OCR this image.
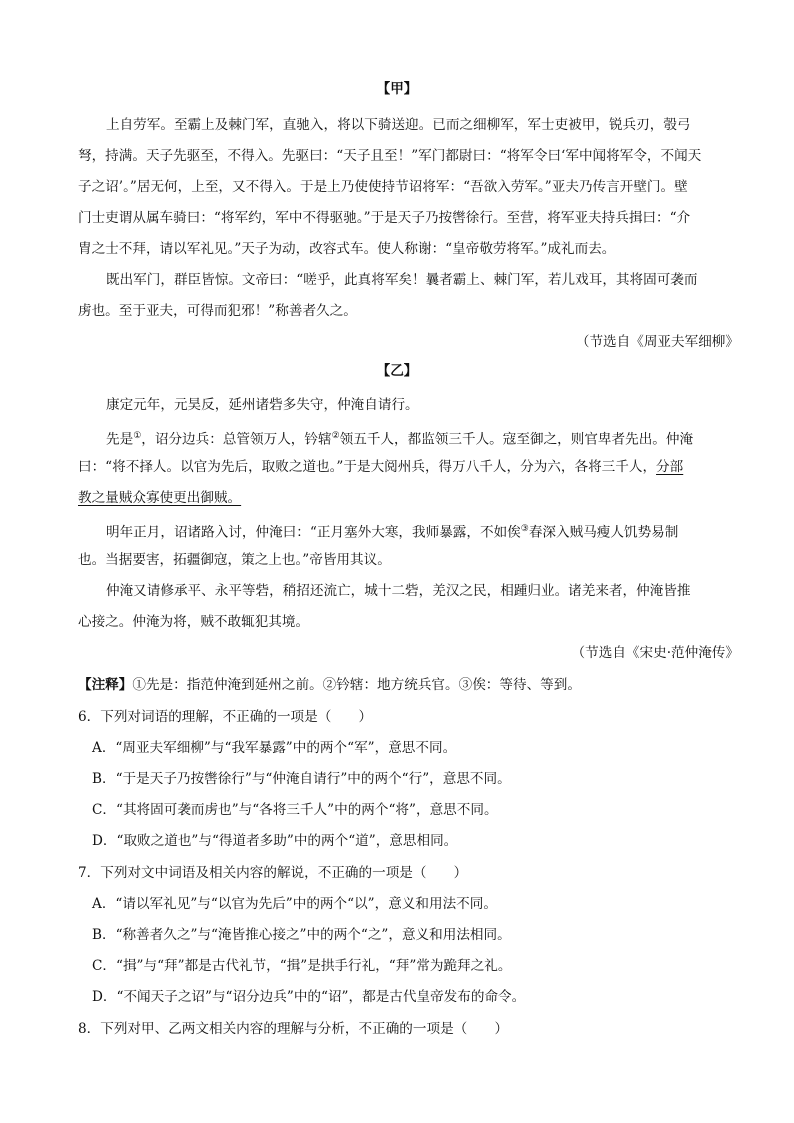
【甲】
上自劳军。至霸上及棘门军，直驰入，将以下骑送迎。已而之细柳军，军士吏被甲，锐兵刃，彀弓
弩，持满。天子先驱至，不得入。先驱曰：“天子且至！”军门都尉曰：“将军令曰‘军中闻将军令，不闻天
子之诏’。”居无何，上至，又不得入。于是上乃使使持节诏将军：“吾欲入劳军。”亚夫乃传言开壁门。壁
门士吏谓从属车骑曰：“将军约，军中不得驱驰。”于是天子乃按辔徐行。至营，将军亚夫持兵揖曰：“介
胄之士不拜，请以军礼见。”天子为动，改容式车。使人称谢：“皇帝敬劳将军。”成礼而去。
既出军门，群臣皆惊。文帝曰：“嗟乎，此真将军矣！曩者霸上、棘门军，若儿戏耳，其将固可袭而
虏也。至于亚夫，可得而犯邪！”称善者久之。
（节选自《周亚夫军细柳》
【乙】
康定元年，元昊反，延州诸砦多失守，仲淹自请行。
先是①，诏分边兵：总管领万人，钤辖②领五千人，都监领三千人。寇至御之，则官卑者先出。仲淹
曰：“将不择人。以官为先后，取败之道也。”于是大阅州兵，得万八千人，分为六，各将三千人，分部
教之量贼众寡使更出御贼。
明年正月，诏诸路入讨，仲淹曰：“正月塞外大寒，我师暴露，不如俟③春深入贼马瘦人饥势易制
也。当据要害，拓疆御寇，策之上也。”帝皆用其议。
仲淹又请修承平、永平等砦，稍招还流亡，城十二砦，羌汉之民，相踵归业。诸羌来者，仲淹皆推
心接之。仲淹为将，贼不敢辄犯其境。
（节选自《宋史·范仲淹传》
【注释】①先是：指范仲淹到延州之前。②钤辖：地方统兵官。③俟：等待、等到。
6．下列对词语的理解，不正确的一项是（　　）
A．“周亚夫军细柳”与“我军暴露”中的两个“军”，意思不同。
B．“于是天子乃按辔徐行”与“仲淹自请行”中的两个“行”，意思不同。
C．“其将固可袭而虏也”与“各将三千人”中的两个“将”，意思不同。
D．“取败之道也”与“得道者多助”中的两个“道”，意思相同。
7．下列对文中词语及相关内容的解说，不正确的一项是（　　）
A．“请以军礼见”与“以官为先后”中的两个“以”，意义和用法不同。
B．“称善者久之”与“淹皆推心接之”中的两个“之”，意义和用法相同。
C．“揖”与“拜”都是古代礼节，“揖”是拱手行礼，“拜”常为跪拜之礼。
D．“不闻天子之诏”与“诏分边兵”中的“诏”，都是古代皇帝发布的命令。
8．下列对甲、乙两文相关内容的理解与分析，不正确的一项是（　　）
